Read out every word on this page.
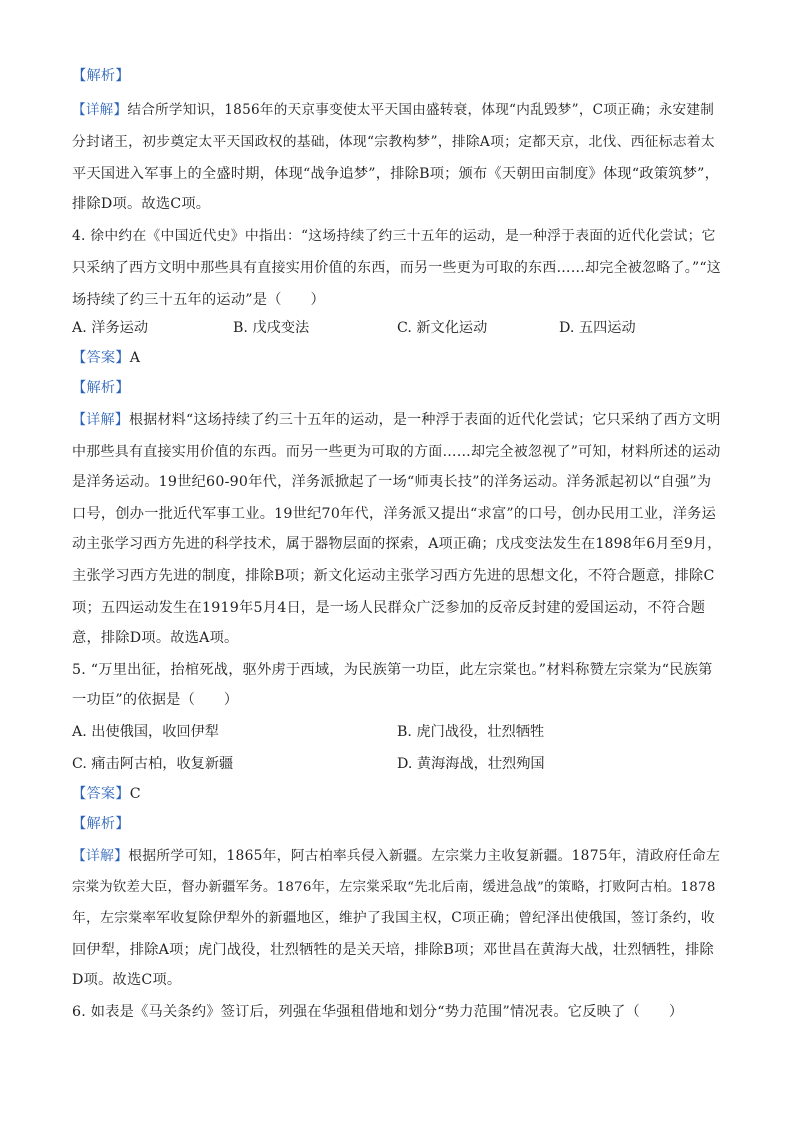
【解析】
【详解】结合所学知识，1856年的天京事变使太平天国由盛转衰，体现“内乱毁梦”，C项正确；永安建制
分封诸王，初步奠定太平天国政权的基础，体现“宗教构梦”，排除A项；定都天京，北伐、西征标志着太
平天国进入军事上的全盛时期，体现“战争追梦”，排除B项；颁布《天朝田亩制度》体现“政策筑梦”，
排除D项。故选C项。
4. 徐中约在《中国近代史》中指出：“这场持续了约三十五年的运动，是一种浮于表面的近代化尝试；它
只采纳了西方文明中那些具有直接实用价值的东西，而另一些更为可取的东西……却完全被忽略了。”“这
场持续了约三十五年的运动”是（　　）
A. 洋务运动	B. 戊戌变法	C. 新文化运动	D. 五四运动
【答案】A
【解析】
【详解】根据材料“这场持续了约三十五年的运动，是一种浮于表面的近代化尝试；它只采纳了西方文明
中那些具有直接实用价值的东西。而另一些更为可取的方面……却完全被忽视了”可知，材料所述的运动
是洋务运动。19世纪60-90年代，洋务派掀起了一场“师夷长技”的洋务运动。洋务派起初以“自强”为
口号，创办一批近代军事工业。19世纪70年代，洋务派又提出“求富”的口号，创办民用工业，洋务运
动主张学习西方先进的科学技术，属于器物层面的探索，A项正确；戊戌变法发生在1898年6月至9月，
主张学习西方先进的制度，排除B项；新文化运动主张学习西方先进的思想文化，不符合题意，排除C
项；五四运动发生在1919年5月4日，是一场人民群众广泛参加的反帝反封建的爱国运动，不符合题
意，排除D项。故选A项。
5. “万里出征，抬棺死战，驱外虏于西域，为民族第一功臣，此左宗棠也。”材料称赞左宗棠为“民族第
一功臣”的依据是（　　）
A. 出使俄国，收回伊犁	B. 虎门战役，壮烈牺牲
C. 痛击阿古柏，收复新疆	D. 黄海海战，壮烈殉国
【答案】C
【解析】
【详解】根据所学可知，1865年，阿古柏率兵侵入新疆。左宗棠力主收复新疆。1875年，清政府任命左
宗棠为钦差大臣，督办新疆军务。1876年，左宗棠采取“先北后南，缓进急战”的策略，打败阿古柏。1878
年，左宗棠率军收复除伊犁外的新疆地区，维护了我国主权，C项正确；曾纪泽出使俄国，签订条约，收
回伊犁，排除A项；虎门战役，壮烈牺牲的是关天培，排除B项；邓世昌在黄海大战，壮烈牺牲，排除
D项。故选C项。
6. 如表是《马关条约》签订后，列强在华强租借地和划分“势力范围”情况表。它反映了（　　）
